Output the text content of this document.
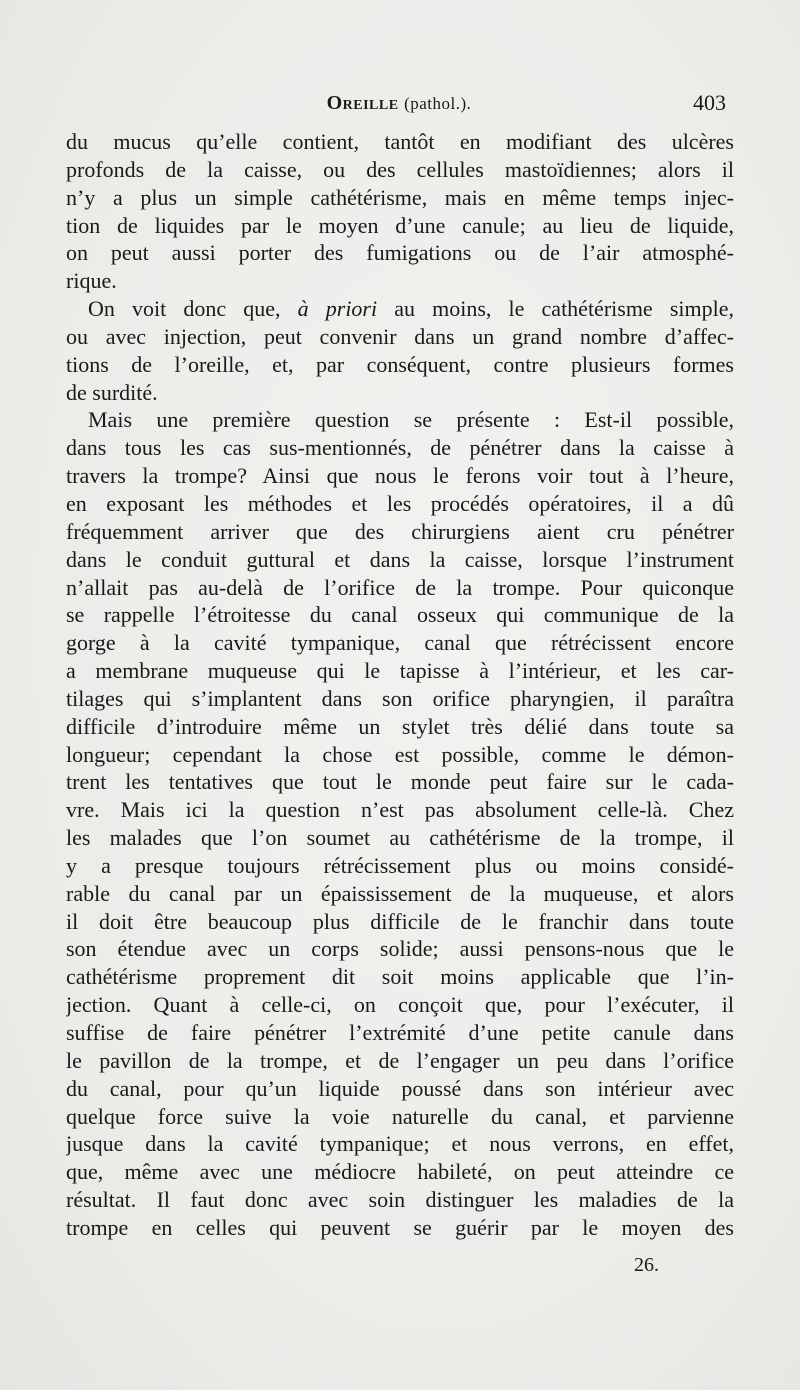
Oreille (pathol.).	403
du mucus qu’elle contient, tantôt en modifiant des ulcères
profonds de la caisse, ou des cellules mastoïdiennes; alors il
n’y a plus un simple cathétérisme, mais en même temps injec-
tion de liquides par le moyen d’une canule; au lieu de liquide,
on peut aussi porter des fumigations ou de l’air atmosphé-
rique.
On voit donc que, à priori au moins, le cathétérisme simple,
ou avec injection, peut convenir dans un grand nombre d’affec-
tions de l’oreille, et, par conséquent, contre plusieurs formes
de surdité.
Mais une première question se présente : Est-il possible,
dans tous les cas sus-mentionnés, de pénétrer dans la caisse à
travers la trompe? Ainsi que nous le ferons voir tout à l’heure,
en exposant les méthodes et les procédés opératoires, il a dû
fréquemment arriver que des chirurgiens aient cru pénétrer
dans le conduit guttural et dans la caisse, lorsque l’instrument
n’allait pas au-delà de l’orifice de la trompe. Pour quiconque
se rappelle l’étroitesse du canal osseux qui communique de la
gorge à la cavité tympanique, canal que rétrécissent encore
a membrane muqueuse qui le tapisse à l’intérieur, et les car-
tilages qui s’implantent dans son orifice pharyngien, il paraîtra
difficile d’introduire même un stylet très délié dans toute sa
longueur; cependant la chose est possible, comme le démon-
trent les tentatives que tout le monde peut faire sur le cada-
vre. Mais ici la question n’est pas absolument celle-là. Chez
les malades que l’on soumet au cathétérisme de la trompe, il
y a presque toujours rétrécissement plus ou moins considé-
rable du canal par un épaississement de la muqueuse, et alors
il doit être beaucoup plus difficile de le franchir dans toute
son étendue avec un corps solide; aussi pensons-nous que le
cathétérisme proprement dit soit moins applicable que l’in-
jection. Quant à celle-ci, on conçoit que, pour l’exécuter, il
suffise de faire pénétrer l’extrémité d’une petite canule dans
le pavillon de la trompe, et de l’engager un peu dans l’orifice
du canal, pour qu’un liquide poussé dans son intérieur avec
quelque force suive la voie naturelle du canal, et parvienne
jusque dans la cavité tympanique; et nous verrons, en effet,
que, même avec une médiocre habileté, on peut atteindre ce
résultat. Il faut donc avec soin distinguer les maladies de la
trompe en celles qui peuvent se guérir par le moyen des
26.
